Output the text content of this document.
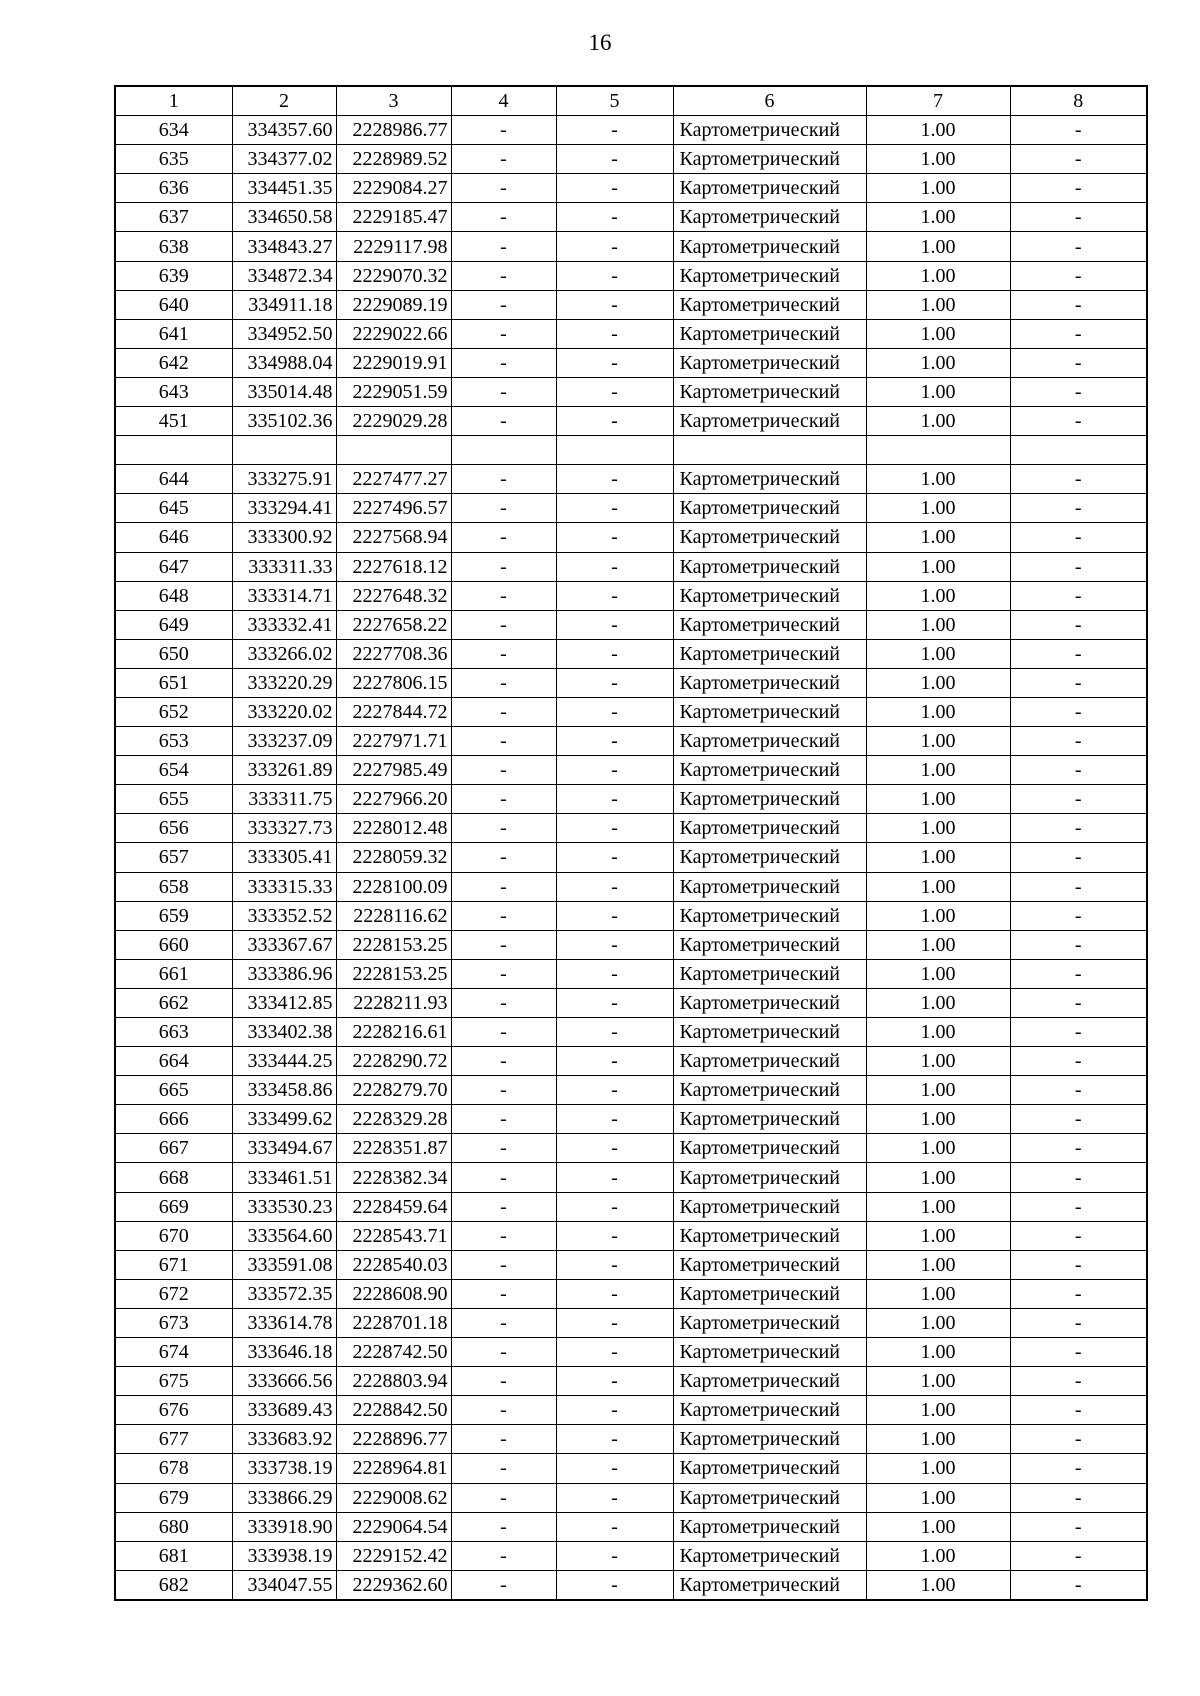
16
1	2	3	4	5	6	7	8
634	334357.60	2228986.77	-	-	Картометрический	1.00	-
635	334377.02	2228989.52	-	-	Картометрический	1.00	-
636	334451.35	2229084.27	-	-	Картометрический	1.00	-
637	334650.58	2229185.47	-	-	Картометрический	1.00	-
638	334843.27	2229117.98	-	-	Картометрический	1.00	-
639	334872.34	2229070.32	-	-	Картометрический	1.00	-
640	334911.18	2229089.19	-	-	Картометрический	1.00	-
641	334952.50	2229022.66	-	-	Картометрический	1.00	-
642	334988.04	2229019.91	-	-	Картометрический	1.00	-
643	335014.48	2229051.59	-	-	Картометрический	1.00	-
451	335102.36	2229029.28	-	-	Картометрический	1.00	-

644	333275.91	2227477.27	-	-	Картометрический	1.00	-
645	333294.41	2227496.57	-	-	Картометрический	1.00	-
646	333300.92	2227568.94	-	-	Картометрический	1.00	-
647	333311.33	2227618.12	-	-	Картометрический	1.00	-
648	333314.71	2227648.32	-	-	Картометрический	1.00	-
649	333332.41	2227658.22	-	-	Картометрический	1.00	-
650	333266.02	2227708.36	-	-	Картометрический	1.00	-
651	333220.29	2227806.15	-	-	Картометрический	1.00	-
652	333220.02	2227844.72	-	-	Картометрический	1.00	-
653	333237.09	2227971.71	-	-	Картометрический	1.00	-
654	333261.89	2227985.49	-	-	Картометрический	1.00	-
655	333311.75	2227966.20	-	-	Картометрический	1.00	-
656	333327.73	2228012.48	-	-	Картометрический	1.00	-
657	333305.41	2228059.32	-	-	Картометрический	1.00	-
658	333315.33	2228100.09	-	-	Картометрический	1.00	-
659	333352.52	2228116.62	-	-	Картометрический	1.00	-
660	333367.67	2228153.25	-	-	Картометрический	1.00	-
661	333386.96	2228153.25	-	-	Картометрический	1.00	-
662	333412.85	2228211.93	-	-	Картометрический	1.00	-
663	333402.38	2228216.61	-	-	Картометрический	1.00	-
664	333444.25	2228290.72	-	-	Картометрический	1.00	-
665	333458.86	2228279.70	-	-	Картометрический	1.00	-
666	333499.62	2228329.28	-	-	Картометрический	1.00	-
667	333494.67	2228351.87	-	-	Картометрический	1.00	-
668	333461.51	2228382.34	-	-	Картометрический	1.00	-
669	333530.23	2228459.64	-	-	Картометрический	1.00	-
670	333564.60	2228543.71	-	-	Картометрический	1.00	-
671	333591.08	2228540.03	-	-	Картометрический	1.00	-
672	333572.35	2228608.90	-	-	Картометрический	1.00	-
673	333614.78	2228701.18	-	-	Картометрический	1.00	-
674	333646.18	2228742.50	-	-	Картометрический	1.00	-
675	333666.56	2228803.94	-	-	Картометрический	1.00	-
676	333689.43	2228842.50	-	-	Картометрический	1.00	-
677	333683.92	2228896.77	-	-	Картометрический	1.00	-
678	333738.19	2228964.81	-	-	Картометрический	1.00	-
679	333866.29	2229008.62	-	-	Картометрический	1.00	-
680	333918.90	2229064.54	-	-	Картометрический	1.00	-
681	333938.19	2229152.42	-	-	Картометрический	1.00	-
682	334047.55	2229362.60	-	-	Картометрический	1.00	-
